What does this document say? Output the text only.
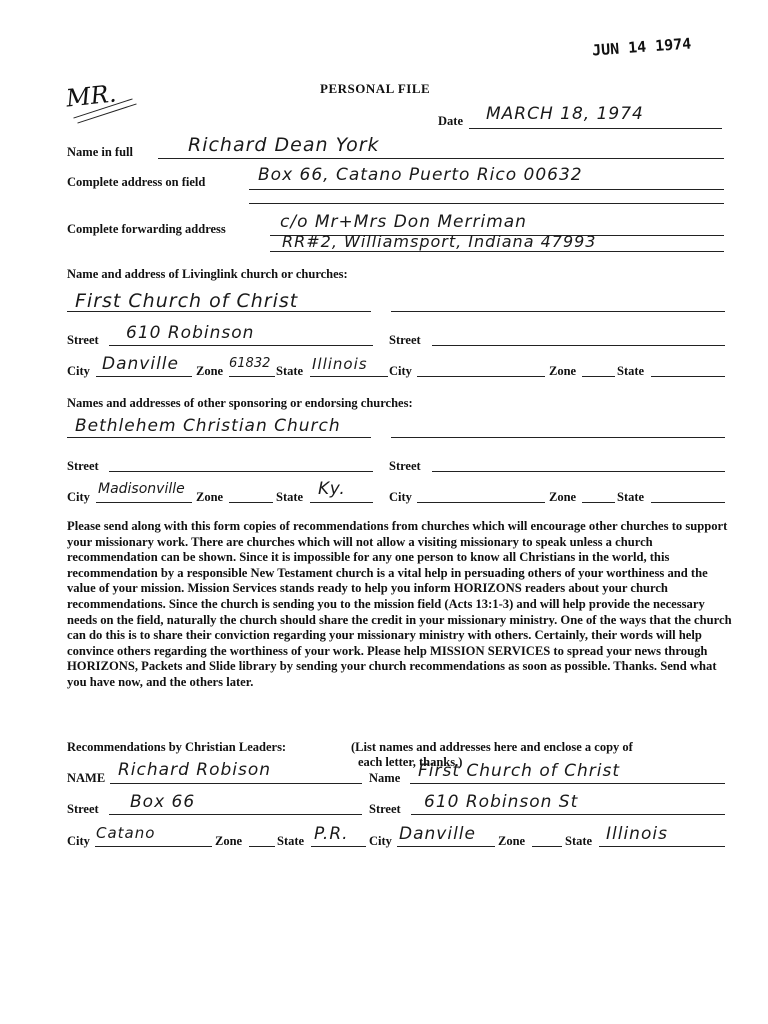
JUN 14 1974
MR.	PERSONAL FILE
Date MARCH 18, 1974
Name in full	Richard Dean York
Complete address on field	Box 66, Catano Puerto Rico 00632
Complete forwarding address	c/o Mr+Mrs Don Merriman
RR#2, Williamsport, Indiana 47993
Name and address of Livinglink church or churches:
First Church of Christ
Street 610 Robinson	Street
City Danville Zone 61832 State Illinois City	Zone	State
Names and addresses of other sponsoring or endorsing churches:
Bethlehem Christian Church
Street	Street
City Madisonville Zone	State Ky.	City	Zone	State
Please send along with this form copies of recommendations from churches which will encourage other churches to support your missionary work. There are churches which will not allow a visiting missionary to speak unless a church recommendation can be shown. Since it is impossible for any one person to know all Christians in the world, this recommendation by a responsible New Testament church is a vital help in persuading others of your worthiness and the value of your mission. Mission Services stands ready to help you inform HORIZONS readers about your church recommendations. Since the church is sending you to the mission field (Acts 13:1-3) and will help provide the necessary needs on the field, naturally the church should share the credit in your missionary ministry. One of the ways that the church can do this is to share their conviction regarding your missionary ministry with others. Certainly, their words will help convince others regarding the worthiness of your work. Please help MISSION SERVICES to spread your news through HORIZONS, Packets and Slide library by sending your church recommendations as soon as possible. Thanks. Send what you have now, and the others later.
Recommendations by Christian Leaders:	(List names and addresses here and enclose a copy of
each letter, thanks.)
NAME Richard Robison	Name First Church of Christ
Street Box 66	Street 610 Robinson St
City Catano	Zone	State P.R. City Danville Zone	State Illinois
